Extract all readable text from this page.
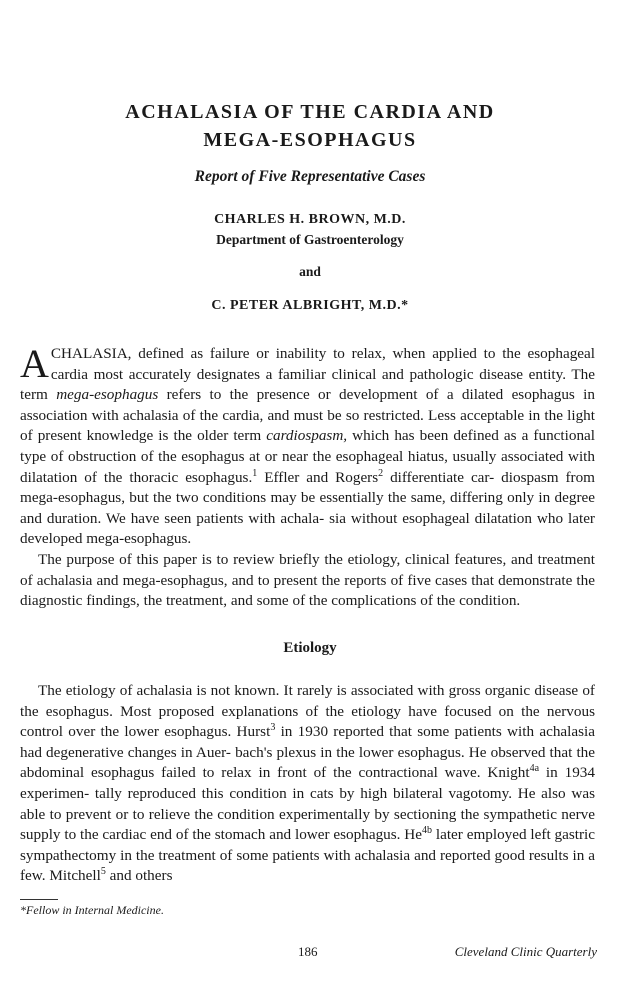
ACHALASIA OF THE CARDIA AND
MEGA-ESOPHAGUS
Report of Five Representative Cases
CHARLES H. BROWN, M.D.
Department of Gastroenterology
and
C. PETER ALBRIGHT, M.D.*

ACHALASIA, defined as failure or inability to relax, when applied to the esophageal cardia most accurately designates a familiar clinical and pathologic disease entity. The term mega-esophagus refers to the presence or development of a dilated esophagus in association with achalasia of the cardia, and must be so restricted. Less acceptable in the light of present knowledge is the older term cardiospasm, which has been defined as a functional type of obstruction of the esophagus at or near the esophageal hiatus, usually associated with dilatation of the thoracic esophagus.$^1$ Effler and Rogers$^2$ differentiate car- diospasm from mega-esophagus, but the two conditions may be essentially the same, differing only in degree and duration. We have seen patients with achala- sia without esophageal dilatation who later developed mega-esophagus.

The purpose of this paper is to review briefly the etiology, clinical features, and treatment of achalasia and mega-esophagus, and to present the reports of five cases that demonstrate the diagnostic findings, the treatment, and some of the complications of the condition.

Etiology

The etiology of achalasia is not known. It rarely is associated with gross organic disease of the esophagus. Most proposed explanations of the etiology have focused on the nervous control over the lower esophagus. Hurst$^3$ in 1930 reported that some patients with achalasia had degenerative changes in Auer- bach's plexus in the lower esophagus. He observed that the abdominal esophagus failed to relax in front of the contractional wave. Knight$^{4a}$ in 1934 experimen- tally reproduced this condition in cats by high bilateral vagotomy. He also was able to prevent or to relieve the condition experimentally by sectioning the sympathetic nerve supply to the cardiac end of the stomach and lower esophagus. $He^{4b}$ later employed left gastric sympathectomy in the treatment of some patients with achalasia and reported good results in a few. Mitchell$^5$ and others

*Fellow in Internal Medicine.
186	Cleveland Clinic Quarterly
